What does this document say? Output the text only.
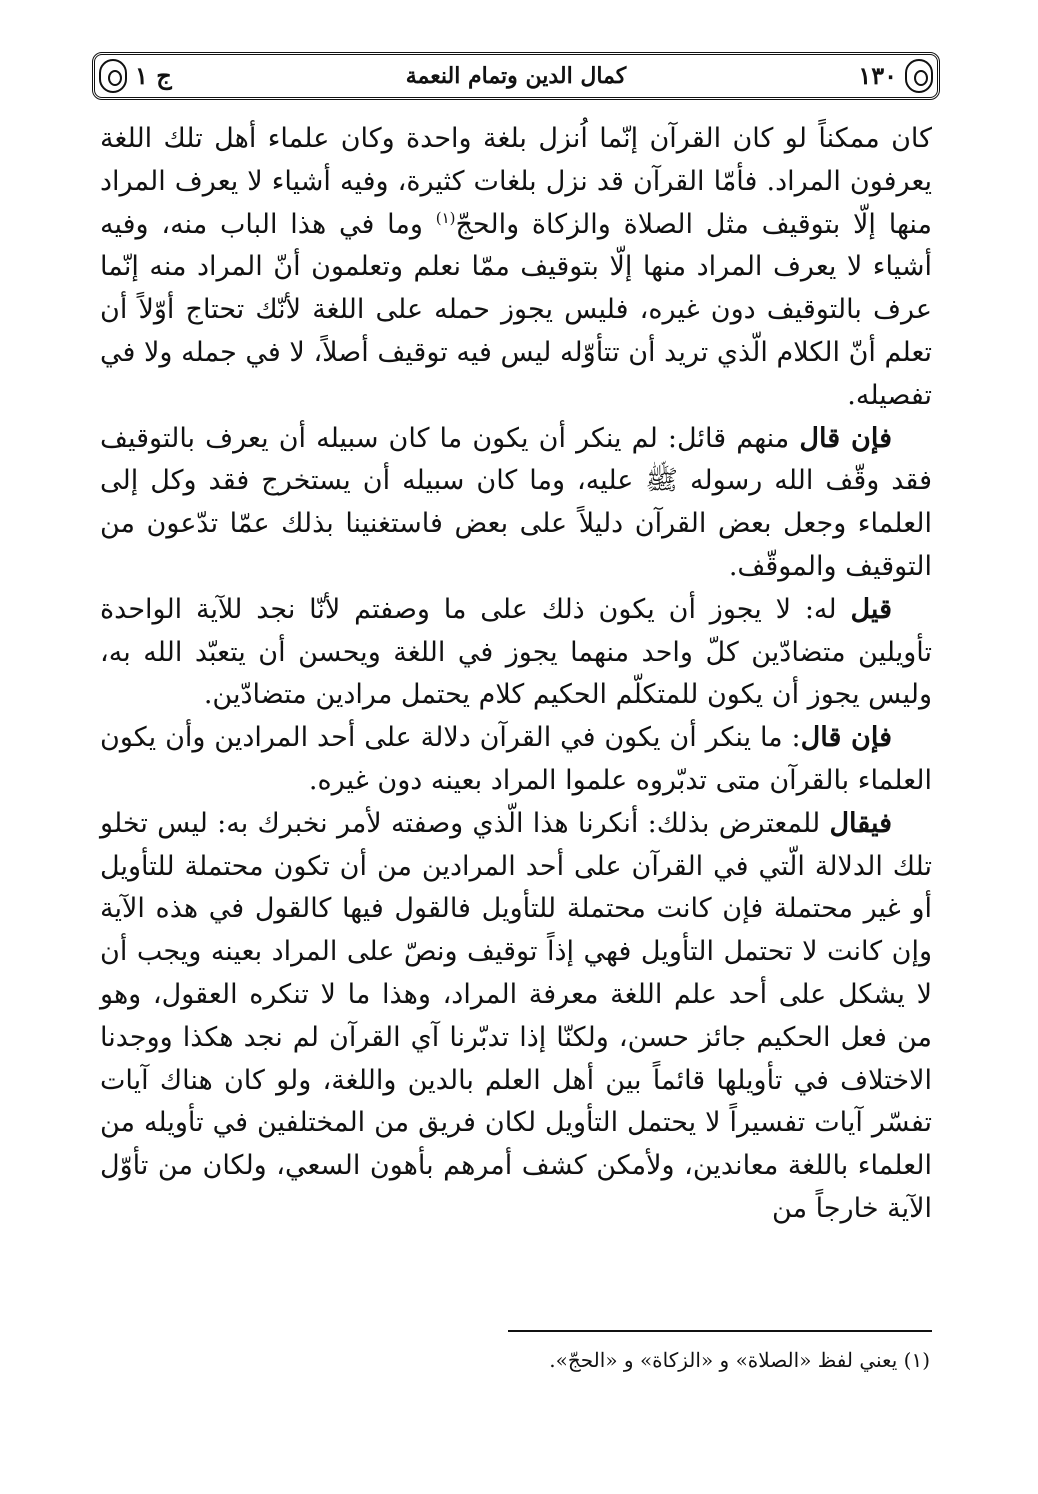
١٣٠
كمال الدين وتمام النعمة
ج ١

كان ممكناً لو كان القرآن إنّما اُنزل بلغة واحدة وكان علماء أهل تلك اللغة يعرفون المراد. فأمّا القرآن قد نزل بلغات كثيرة، وفيه أشياء لا يعرف المراد منها إلّا بتوقيف مثل الصلاة والزكاة والحجّ$^{(١)}$ وما في هذا الباب منه، وفيه أشياء لا يعرف المراد منها إلّا بتوقيف ممّا نعلم وتعلمون أنّ المراد منه إنّما عرف بالتوقيف دون غيره، فليس يجوز حمله على اللغة لأنّك تحتاج أوّلاً أن تعلم أنّ الكلام الّذي تريد أن تتأوّله ليس فيه توقيف أصلاً، لا في جمله ولا في تفصيله.

فإن قال منهم قائل: لم ينكر أن يكون ما كان سبيله أن يعرف بالتوقيف فقد وقّف الله رسوله ﷺ عليه، وما كان سبيله أن يستخرج فقد وكل إلى العلماء وجعل بعض القرآن دليلاً على بعض فاستغنينا بذلك عمّا تدّعون من التوقيف والموقّف.

قيل له: لا يجوز أن يكون ذلك على ما وصفتم لأنّا نجد للآية الواحدة تأويلين متضادّين كلّ واحد منهما يجوز في اللغة ويحسن أن يتعبّد الله به، وليس يجوز أن يكون للمتكلّم الحكيم كلام يحتمل مرادين متضادّين.

فإن قال: ما ينكر أن يكون في القرآن دلالة على أحد المرادين وأن يكون العلماء بالقرآن متى تدبّروه علموا المراد بعينه دون غيره.

فيقال للمعترض بذلك: أنكرنا هذا الّذي وصفته لأمر نخبرك به: ليس تخلو تلك الدلالة الّتي في القرآن على أحد المرادين من أن تكون محتملة للتأويل أو غير محتملة فإن كانت محتملة للتأويل فالقول فيها كالقول في هذه الآية وإن كانت لا تحتمل التأويل فهي إذاً توقيف ونصّ على المراد بعينه ويجب أن لا يشكل على أحد علم اللغة معرفة المراد، وهذا ما لا تنكره العقول، وهو من فعل الحكيم جائز حسن، ولكنّا إذا تدبّرنا آي القرآن لم نجد هكذا ووجدنا الاختلاف في تأويلها قائماً بين أهل العلم بالدين واللغة، ولو كان هناك آيات تفسّر آيات تفسيراً لا يحتمل التأويل لكان فريق من المختلفين في تأويله من العلماء باللغة معاندين، ولأمكن كشف أمرهم بأهون السعي، ولكان من تأوّل الآية خارجاً من

(١) يعني لفظ «الصلاة» و «الزكاة» و «الحجّ».
